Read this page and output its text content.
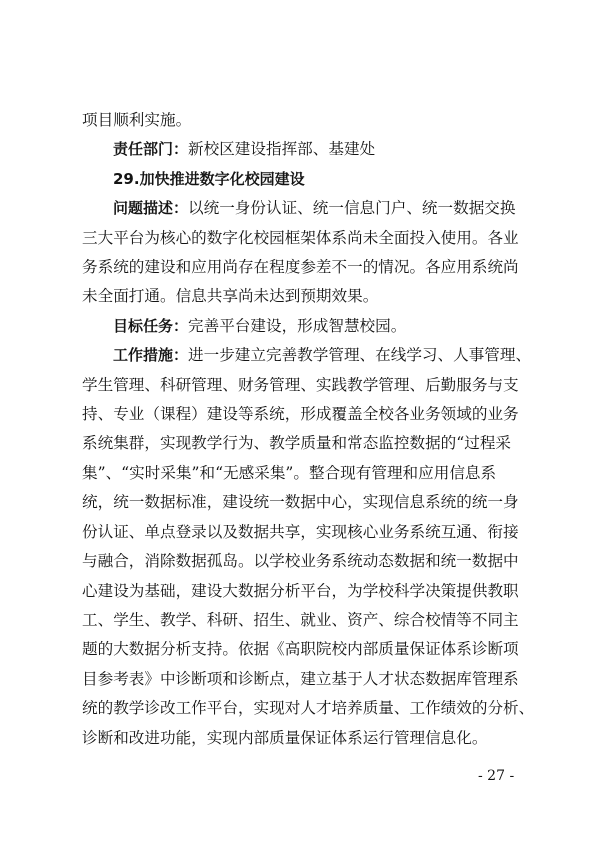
项目顺利实施。

责任部门：新校区建设指挥部、基建处

29.加快推进数字化校园建设

问题描述：以统一身份认证、统一信息门户、统一数据交换

三大平台为核心的数字化校园框架体系尚未全面投入使用。各业

务系统的建设和应用尚存在程度参差不一的情况。各应用系统尚

未全面打通。信息共享尚未达到预期效果。

目标任务：完善平台建设，形成智慧校园。

工作措施：进一步建立完善教学管理、在线学习、人事管理、

学生管理、科研管理、财务管理、实践教学管理、后勤服务与支

持、专业（课程）建设等系统，形成覆盖全校各业务领域的业务

系统集群，实现教学行为、教学质量和常态监控数据的“过程采

集”、“实时采集”和“无感采集”。整合现有管理和应用信息系

统，统一数据标准，建设统一数据中心，实现信息系统的统一身

份认证、单点登录以及数据共享，实现核心业务系统互通、衔接

与融合，消除数据孤岛。以学校业务系统动态数据和统一数据中

心建设为基础，建设大数据分析平台，为学校科学决策提供教职

工、学生、教学、科研、招生、就业、资产、综合校情等不同主

题的大数据分析支持。依据《高职院校内部质量保证体系诊断项

目参考表》中诊断项和诊断点，建立基于人才状态数据库管理系

统的教学诊改工作平台，实现对人才培养质量、工作绩效的分析、

诊断和改进功能，实现内部质量保证体系运行管理信息化。

- 27 -
